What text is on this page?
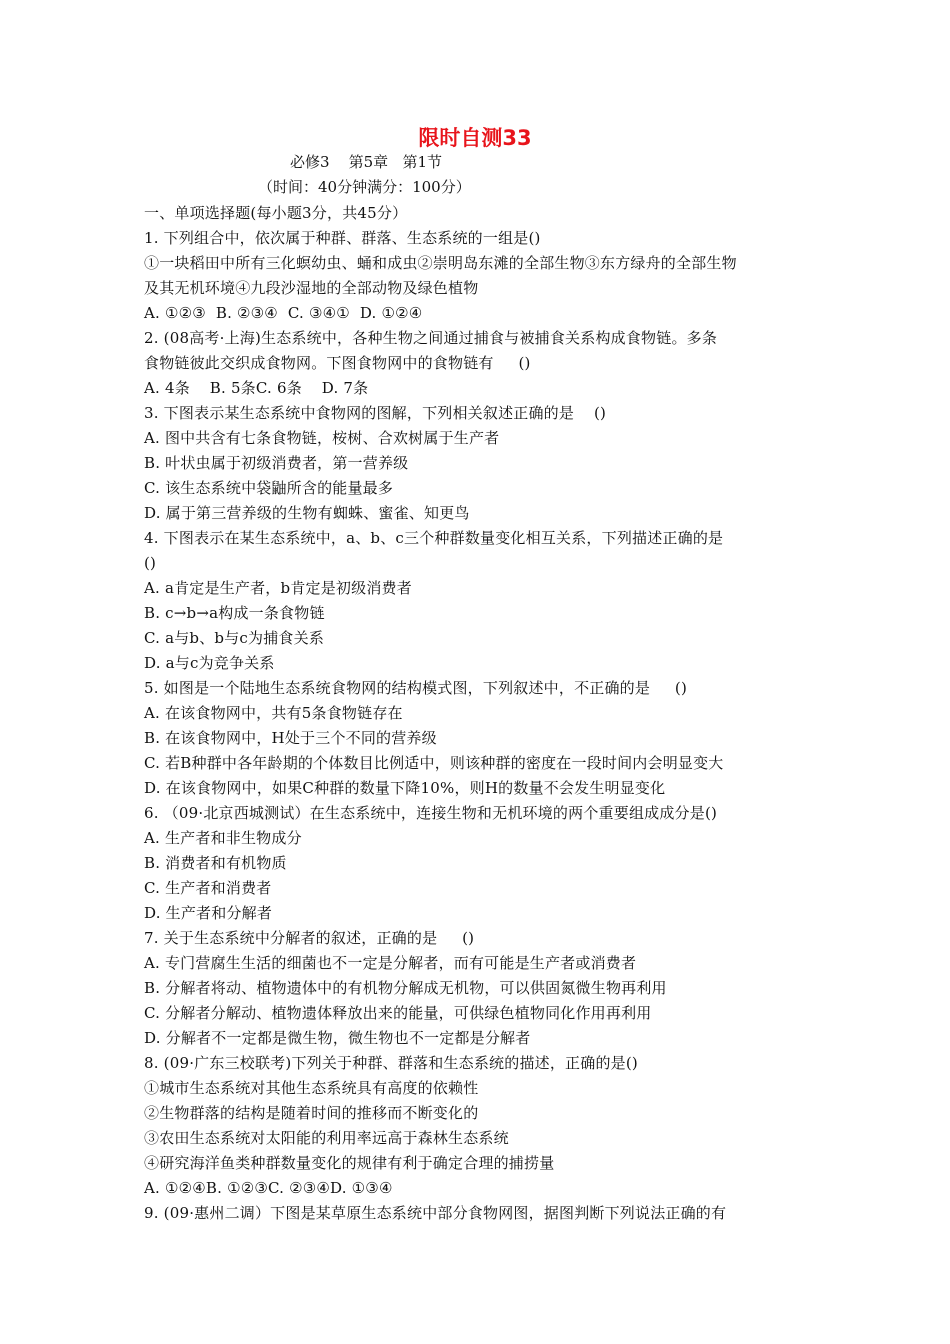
限时自测33
必修3    第5章   第1节
（时间：40分钟满分：100分）
一、单项选择题(每小题3分，共45分）
1. 下列组合中，依次属于种群、群落、生态系统的一组是()
①一块稻田中所有三化螟幼虫、蛹和成虫②崇明岛东滩的全部生物③东方绿舟的全部生物
及其无机环境④九段沙湿地的全部动物及绿色植物
A. ①②③  B. ②③④  C. ③④①  D. ①②④
2. (08高考·上海)生态系统中，各种生物之间通过捕食与被捕食关系构成食物链。多条
食物链彼此交织成食物网。下图食物网中的食物链有     ()
A. 4条    B. 5条C. 6条    D. 7条
3. 下图表示某生态系统中食物网的图解，下列相关叙述正确的是    ()
A. 图中共含有七条食物链，桉树、合欢树属于生产者
B. 叶状虫属于初级消费者，第一营养级
C. 该生态系统中袋鼬所含的能量最多
D. 属于第三营养级的生物有蜘蛛、蜜雀、知更鸟
4. 下图表示在某生态系统中，a、b、c三个种群数量变化相互关系，下列描述正确的是
()
A. a肯定是生产者，b肯定是初级消费者
B. c→b→a构成一条食物链
C. a与b、b与c为捕食关系
D. a与c为竞争关系
5. 如图是一个陆地生态系统食物网的结构模式图，下列叙述中，不正确的是     ()
A. 在该食物网中，共有5条食物链存在
B. 在该食物网中，H处于三个不同的营养级
C. 若B种群中各年龄期的个体数目比例适中，则该种群的密度在一段时间内会明显变大
D. 在该食物网中，如果C种群的数量下降10%，则H的数量不会发生明显变化
6. （09·北京西城测试）在生态系统中，连接生物和无机环境的两个重要组成成分是()
A. 生产者和非生物成分
B. 消费者和有机物质
C. 生产者和消费者
D. 生产者和分解者
7. 关于生态系统中分解者的叙述，正确的是     ()
A. 专门营腐生生活的细菌也不一定是分解者，而有可能是生产者或消费者
B. 分解者将动、植物遗体中的有机物分解成无机物，可以供固氮微生物再利用
C. 分解者分解动、植物遗体释放出来的能量，可供绿色植物同化作用再利用
D. 分解者不一定都是微生物，微生物也不一定都是分解者
8. (09·广东三校联考)下列关于种群、群落和生态系统的描述，正确的是()
①城市生态系统对其他生态系统具有高度的依赖性
②生物群落的结构是随着时间的推移而不断变化的
③农田生态系统对太阳能的利用率远高于森林生态系统
④研究海洋鱼类种群数量变化的规律有利于确定合理的捕捞量
A. ①②④B. ①②③C. ②③④D. ①③④
9. (09·惠州二调）下图是某草原生态系统中部分食物网图，据图判断下列说法正确的有
